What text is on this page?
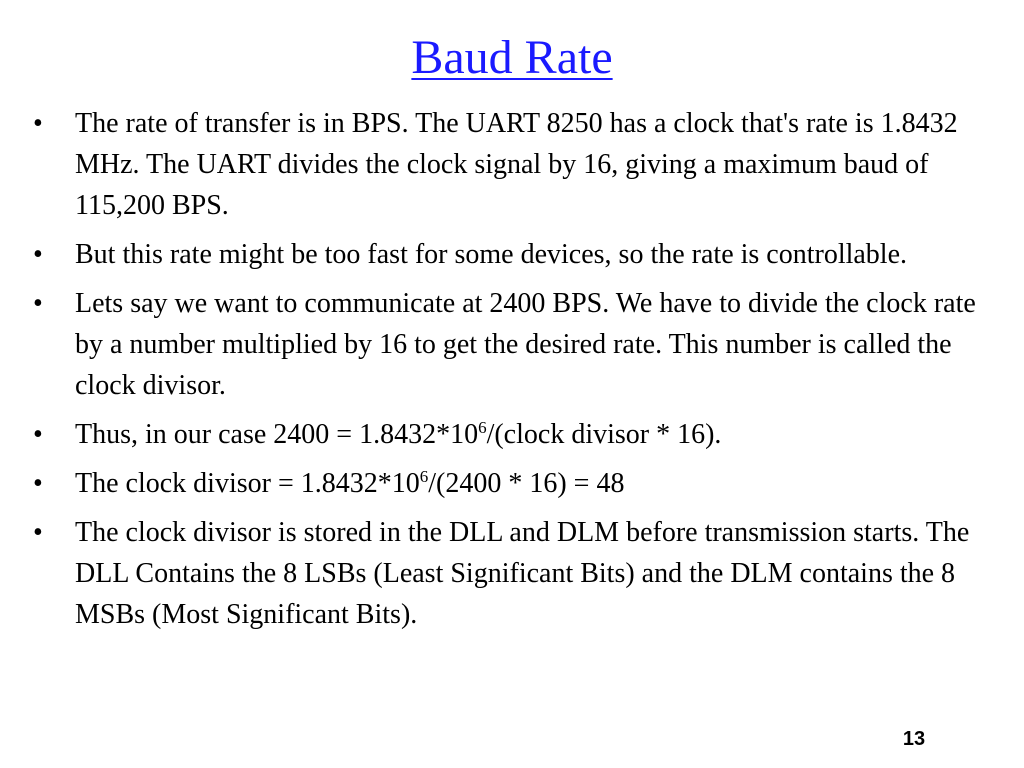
Baud Rate
• The rate of transfer is in BPS. The UART 8250 has a clock that's rate is 1.8432 MHz. The UART divides the clock signal by 16, giving a maximum baud of 115,200 BPS.
• But this rate might be too fast for some devices, so the rate is controllable.
• Lets say we want to communicate at 2400 BPS. We have to divide the clock rate by a number multiplied by 16 to get the desired rate. This number is called the clock divisor.
• Thus, in our case $2400 = 1.8432*10^6/(clock$ divisor * 16).
• The clock divisor = $1.8432*10^6/(2400 * 16) = 48$
• The clock divisor is stored in the DLL and DLM before transmission starts. The DLL Contains the 8 LSBs (Least Significant Bits) and the DLM contains the 8 MSBs (Most Significant Bits).
13
